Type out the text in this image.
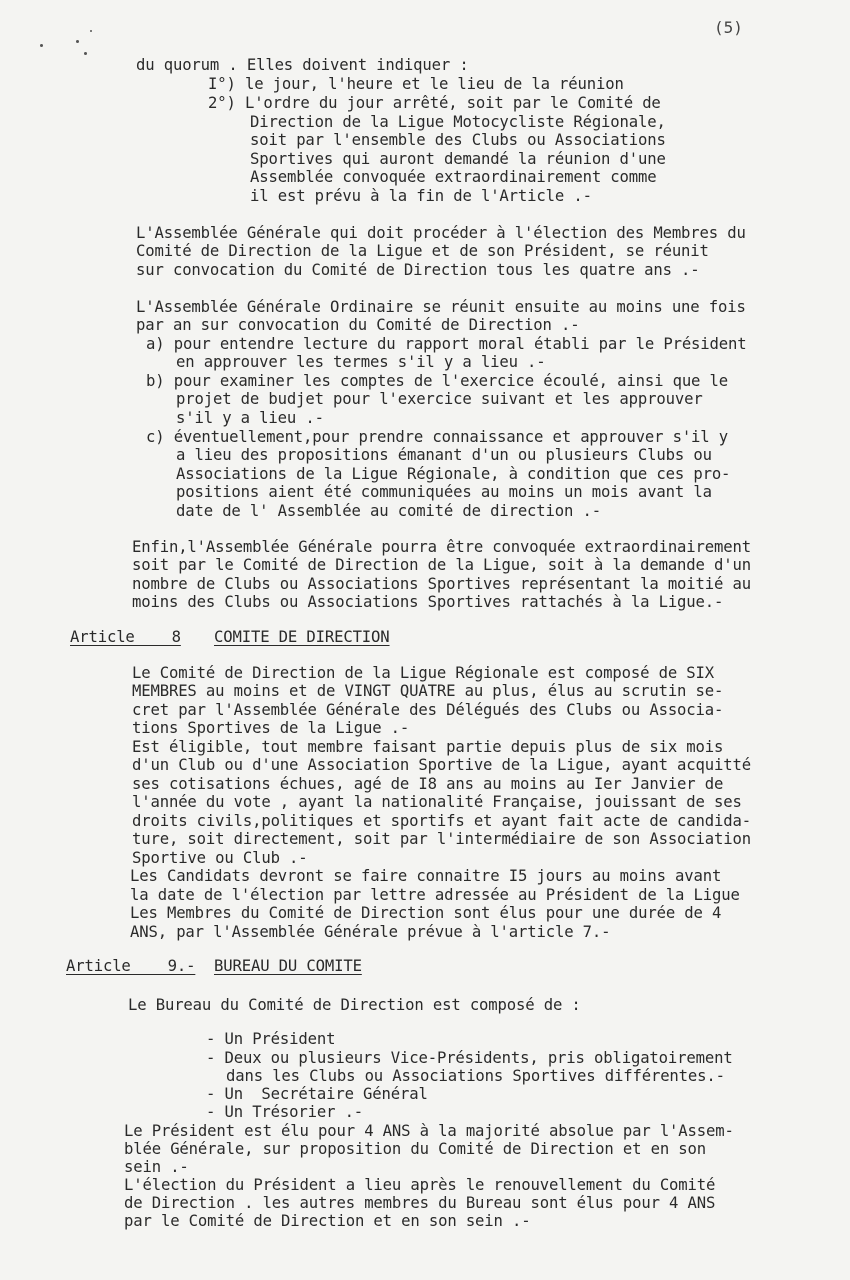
(5)
du quorum . Elles doivent indiquer :
I°) le jour, l'heure et le lieu de la réunion
2°) L'ordre du jour arrêté, soit par le Comité de
Direction de la Ligue Motocycliste Régionale,
soit par l'ensemble des Clubs ou Associations
Sportives qui auront demandé la réunion d'une
Assemblée convoquée extraordinairement comme
il est prévu à la fin de l'Article .-
L'Assemblée Générale qui doit procéder à l'élection des Membres du
Comité de Direction de la Ligue et de son Président, se réunit
sur convocation du Comité de Direction tous les quatre ans .-
L'Assemblée Générale Ordinaire se réunit ensuite au moins une fois
par an sur convocation du Comité de Direction .-
a) pour entendre lecture du rapport moral établi par le Président
en approuver les termes s'il y a lieu .-
b) pour examiner les comptes de l'exercice écoulé, ainsi que le
projet de budjet pour l'exercice suivant et les approuver
s'il y a lieu .-
c) éventuellement,pour prendre connaissance et approuver s'il y
a lieu des propositions émanant d'un ou plusieurs Clubs ou
Associations de la Ligue Régionale, à condition que ces pro-
positions aient été communiquées au moins un mois avant la
date de l' Assemblée au comité de direction .-
Enfin,l'Assemblée Générale pourra être convoquée extraordinairement
soit par le Comité de Direction de la Ligue, soit à la demande d'un
nombre de Clubs ou Associations Sportives représentant la moitié au
moins des Clubs ou Associations Sportives rattachés à la Ligue.-
Article    8 COMITE DE DIRECTION
Le Comité de Direction de la Ligue Régionale est composé de SIX
MEMBRES au moins et de VINGT QUATRE au plus, élus au scrutin se-
cret par l'Assemblée Générale des Délégués des Clubs ou Associa-
tions Sportives de la Ligue .-
Est éligible, tout membre faisant partie depuis plus de six mois
d'un Club ou d'une Association Sportive de la Ligue, ayant acquitté
ses cotisations échues, agé de I8 ans au moins au Ier Janvier de
l'année du vote , ayant la nationalité Française, jouissant de ses
droits civils,politiques et sportifs et ayant fait acte de candida-
ture, soit directement, soit par l'intermédiaire de son Association
Sportive ou Club .-
Les Candidats devront se faire connaitre I5 jours au moins avant
la date de l'élection par lettre adressée au Président de la Ligue
Les Membres du Comité de Direction sont élus pour une durée de 4
ANS, par l'Assemblée Générale prévue à l'article 7.-
Article    9.- BUREAU DU COMITE
Le Bureau du Comité de Direction est composé de :
- Un Président
- Deux ou plusieurs Vice-Présidents, pris obligatoirement
dans les Clubs ou Associations Sportives différentes.-
- Un  Secrétaire Général
- Un Trésorier .-
Le Président est élu pour 4 ANS à la majorité absolue par l'Assem-
blée Générale, sur proposition du Comité de Direction et en son
sein .-
L'élection du Président a lieu après le renouvellement du Comité
de Direction . les autres membres du Bureau sont élus pour 4 ANS
par le Comité de Direction et en son sein .-
